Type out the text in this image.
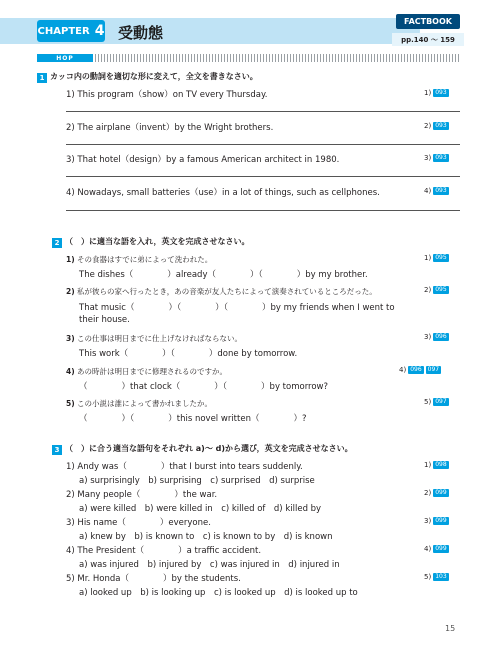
CHAPTER 4 受動態
FACTBOOK
pp.140 ～ 159
HOP
1 カッコ内の動詞を適切な形に変えて，全文を書きなさい。
1) This program（show）on TV every Thursday.	1) 093
2) The airplane（invent）by the Wright brothers.	2) 093
3) That hotel（design）by a famous American architect in 1980.	3) 093
4) Nowadays, small batteries（use）in a lot of things, such as cellphones.	4) 093
2 （　）に適当な語を入れ，英文を完成させなさい。
1) その食器はすでに弟によって洗われた。	1) 095
The dishes（　　　　）already（　　　　）（　　　　）by my brother.
2) 私が彼らの家へ行ったとき，あの音楽が友人たちによって演奏されているところだった。	2) 095
That music（　　　　）（　　　　）（　　　　）by my friends when I went to
their house.
3) この仕事は明日までに仕上げなければならない。	3) 096
This work（　　　　）（　　　　）done by tomorrow.
4) あの時計は明日までに修理されるのですか。	4) 096	097
（　　　　）that clock（　　　　）（　　　　）by tomorrow?
5) この小説は誰によって書かれましたか。	5) 097
（　　　　）（　　　　）this novel written（　　　　）?
3 （　）に合う適当な語句をそれぞれ a)～ d)から選び，英文を完成させなさい。
1) Andy was（　　　　）that I burst into tears suddenly.	1) 098
a) surprisingly　b) surprising　c) surprised　d) surprise
2) Many people（　　　　）the war.	2) 099
a) were killed　b) were killed in　c) killed of　d) killed by
3) His name（　　　　）everyone.	3) 099
a) knew by　b) is known to　c) is known to by　d) is known
4) The President（　　　　）a traffic accident.	4) 099
a) was injured　b) injured by　c) was injured in　d) injured in
5) Mr. Honda（　　　　）by the students.	5) 103
a) looked up　b) is looking up　c) is looked up　d) is looked up to
15
